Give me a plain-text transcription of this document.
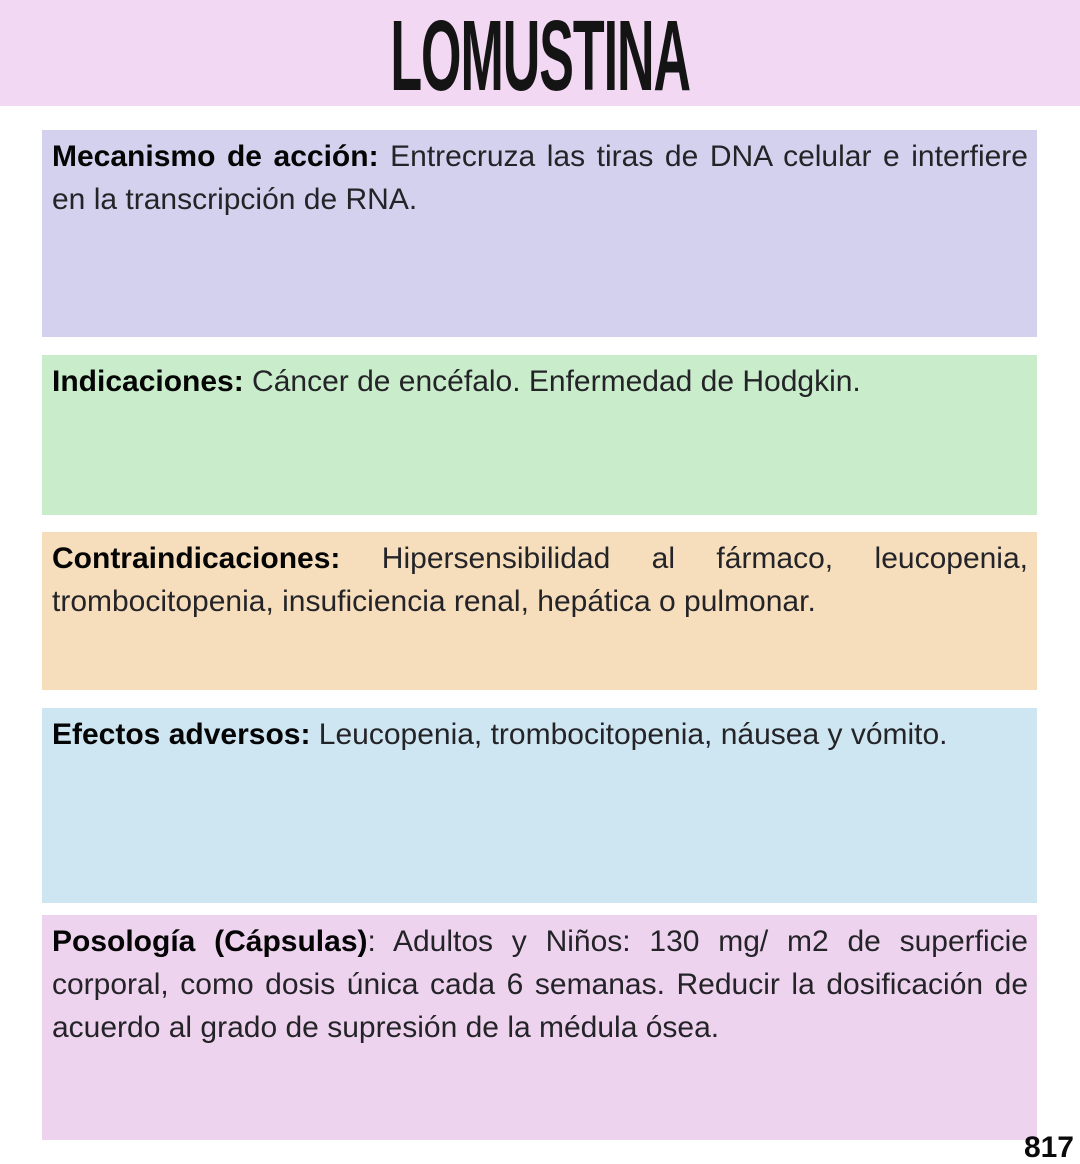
LOMUSTINA

Mecanismo de acción: Entrecruza las tiras de DNA celular e interfiere en la transcripción de RNA.

Indicaciones: Cáncer de encéfalo. Enfermedad de Hodgkin.

Contraindicaciones: Hipersensibilidad al fármaco, leucopenia, trombocitopenia, insuficiencia renal, hepática o pulmonar.

Efectos adversos: Leucopenia, trombocitopenia, náusea y vómito.

Posología (Cápsulas): Adultos y Niños: 130 mg/ m2 de superficie corporal, como dosis única cada 6 semanas. Reducir la dosificación de acuerdo al grado de supresión de la médula ósea.

817
